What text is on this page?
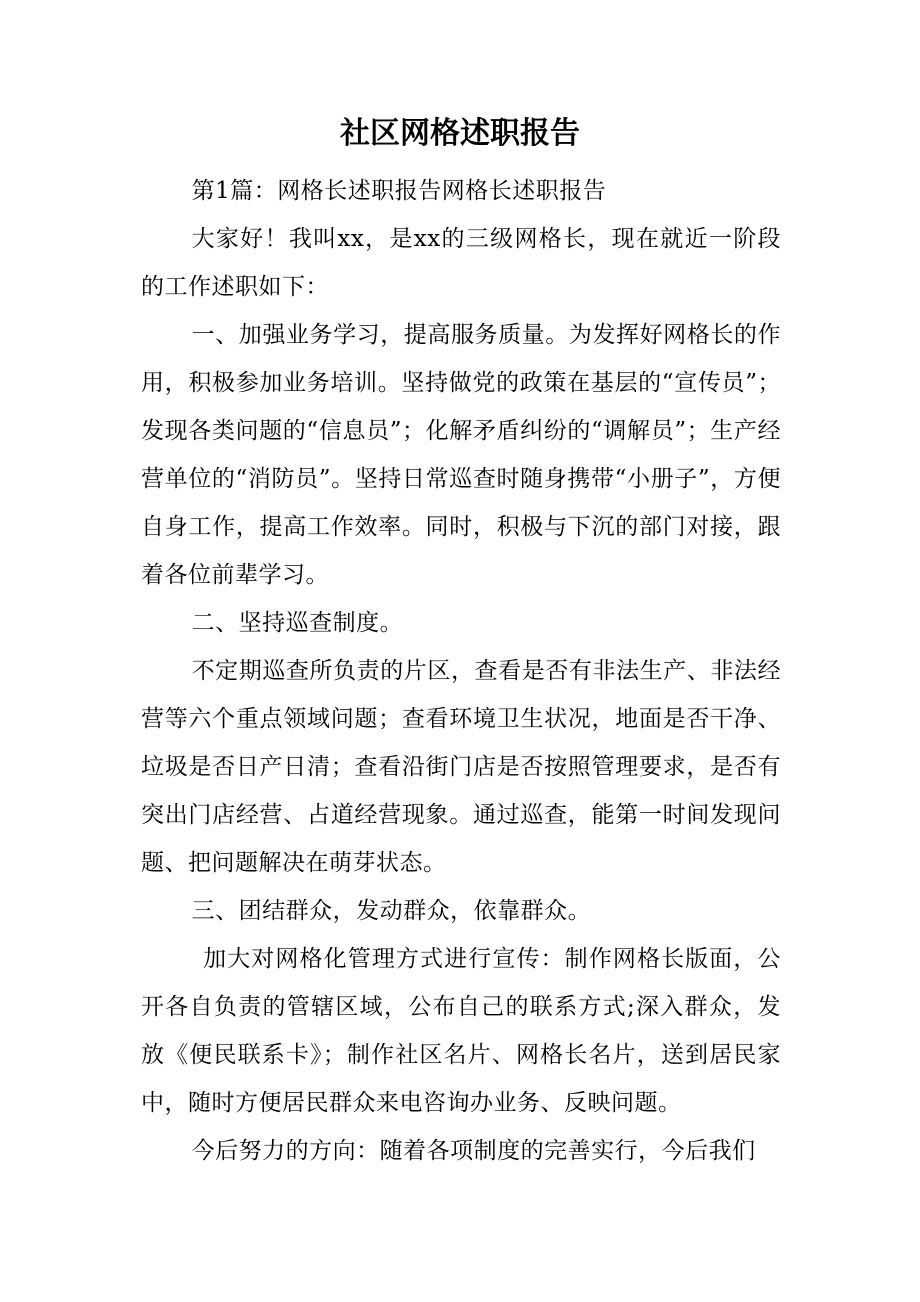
社区网格述职报告

第1篇：网格长述职报告网格长述职报告

大家好！我叫xx，是xx的三级网格长，现在就近一阶段的工作述职如下：

一、加强业务学习，提高服务质量。为发挥好网格长的作用，积极参加业务培训。坚持做党的政策在基层的“宣传员”；发现各类问题的“信息员”；化解矛盾纠纷的“调解员”；生产经营单位的“消防员”。坚持日常巡查时随身携带“小册子”，方便自身工作，提高工作效率。同时，积极与下沉的部门对接，跟着各位前辈学习。

二、坚持巡查制度。

不定期巡查所负责的片区，查看是否有非法生产、非法经营等六个重点领域问题；查看环境卫生状况，地面是否干净、垃圾是否日产日清；查看沿街门店是否按照管理要求，是否有突出门店经营、占道经营现象。通过巡查，能第一时间发现问题、把问题解决在萌芽状态。

三、团结群众，发动群众，依靠群众。

加大对网格化管理方式进行宣传：制作网格长版面，公开各自负责的管辖区域，公布自己的联系方式;深入群众，发放《便民联系卡》；制作社区名片、网格长名片，送到居民家中，随时方便居民群众来电咨询办业务、反映问题。

今后努力的方向：随着各项制度的完善实行，今后我们
